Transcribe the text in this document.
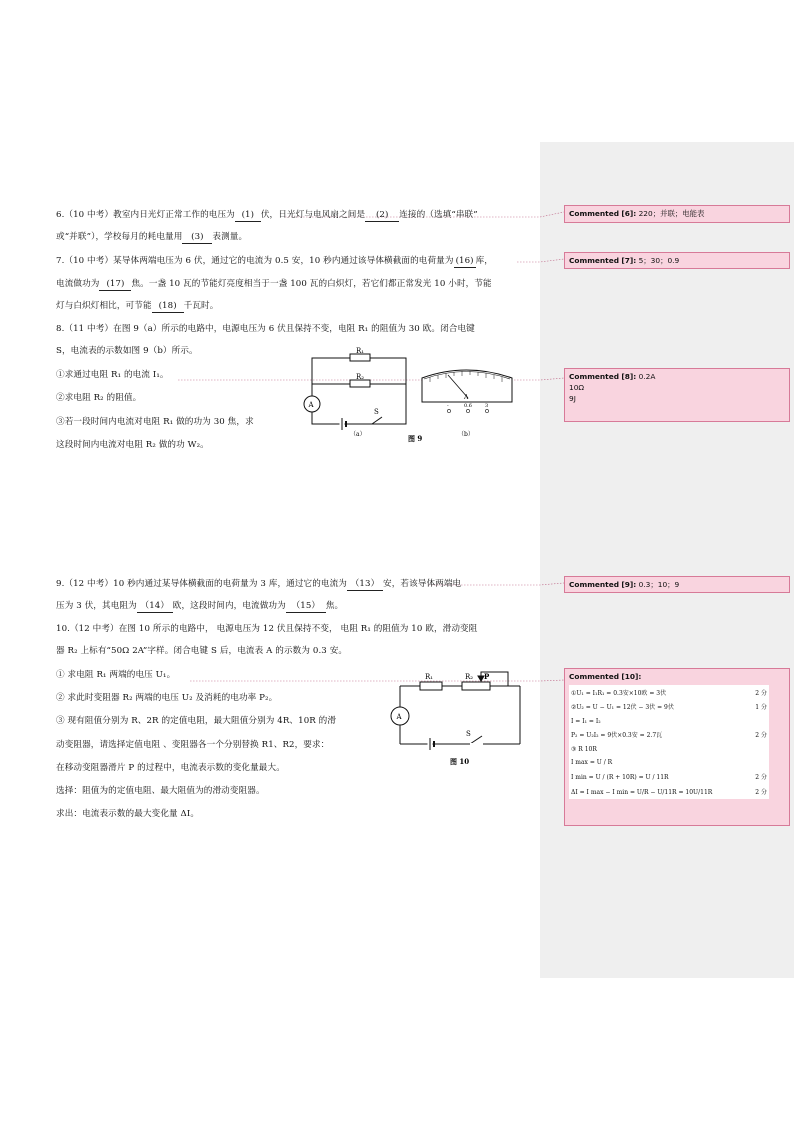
6.（10 中考）教室内日光灯正常工作的电压为 (1) 伏，日光灯与电风扇之间是 (2) 连接的（选填“串联”
或“并联”），学校每月的耗电量用 (3) 表测量。
7.（10 中考）某导体两端电压为 6 伏，通过它的电流为 0.5 安，10 秒内通过该导体横截面的电荷量为 (16) 库，
电流做功为 (17) 焦。一盏 10 瓦的节能灯亮度相当于一盏 100 瓦的白炽灯，若它们都正常发光 10 小时，节能
灯与白炽灯相比，可节能 (18) 千瓦时。
8.（11 中考）在图 9（a）所示的电路中，电源电压为 6 伏且保持不变，电阻 R₁ 的阻值为 30 欧。闭合电键
S，电流表的示数如图 9（b）所示。
①求通过电阻 R₁ 的电流 I₁。
②求电阻 R₂ 的阻值。
③若一段时间内电流对电阻 R₁ 做的功为 30 焦，求
这段时间内电流对电阻 R₂ 做的功 W₂。
R₁
R₂
A
S
（a）	图 9
A
-	0.6	3
（b）
9.（12 中考）10 秒内通过某导体横截面的电荷量为 3 库，通过它的电流为 （13） 安，若该导体两端电
压为 3 伏，其电阻为 （14） 欧，这段时间内，电流做功为 （15） 焦。
10.（12 中考）在图 10 所示的电路中， 电源电压为 12 伏且保持不变， 电阻 R₁ 的阻值为 10 欧，滑动变阻
器 R₂ 上标有“50Ω 2A”字样。闭合电键 S 后，电流表 A 的示数为 0.3 安。
① 求电阻 R₁ 两端的电压 U₁。
② 求此时变阻器 R₂ 两端的电压 U₂ 及消耗的电功率 P₂。
③ 现有阻值分别为 R、2R 的定值电阻，最大阻值分别为 4R、10R 的滑
动变阻器，请选择定值电阻 、变阻器各一个分别替换 R1、R2，要求：
在移动变阻器滑片 P 的过程中，电流表示数的变化量最大。
选择：阻值为的定值电阻、最大阻值为的滑动变阻器。
求出：电流表示数的最大变化量 ΔI。
R₁	R₂ P
A
S
图 10
Commented [6]: 220；并联；电能表
Commented [7]: 5；30；0.9
Commented [8]: 0.2A
10Ω
9J
Commented [9]: 0.3；10；9
Commented [10]:
①U₁ = I₁R₁ = 0.3安×10欧 = 3伏	2 分
②U₂ = U − U₁ = 12伏 − 3伏 = 9伏	1 分
I = I₁ = I₂
P₂ = U₂I₂ = 9伏×0.3安 = 2.7瓦	2 分
③ R 10R
I max = U / R
I min = U / (R + 10R) = U / 11R	2 分
ΔI = I max − I min = U/R − U/11R = 10U/11R	2 分
